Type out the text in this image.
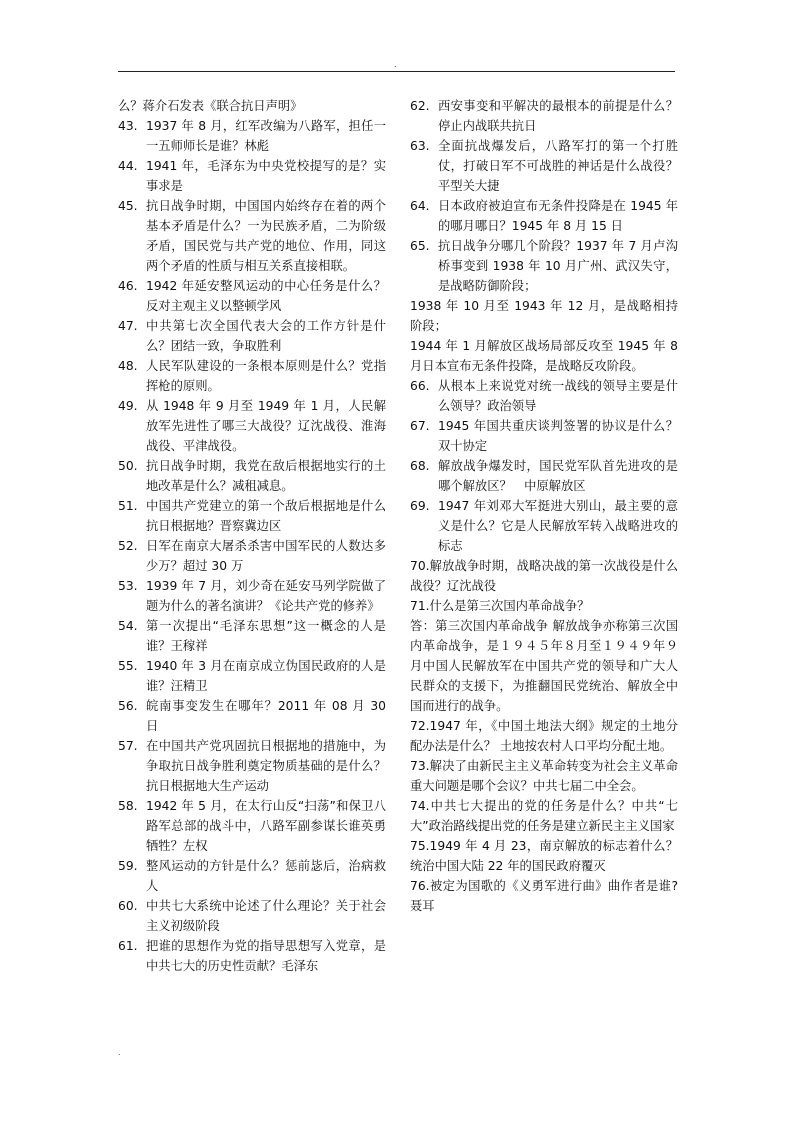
.
么？蒋介石发表《联合抗日声明》
43. 1937 年 8 月，红军改编为八路军，担任一一五师师长是谁？林彪
44. 1941 年，毛泽东为中央党校提写的是？实事求是
45. 抗日战争时期，中国国内始终存在着的两个基本矛盾是什么？一为民族矛盾，二为阶级矛盾，国民党与共产党的地位、作用，同这两个矛盾的性质与相互关系直接相联。
46. 1942 年延安整风运动的中心任务是什么？反对主观主义以整顿学风
47. 中共第七次全国代表大会的工作方针是什么？团结一致，争取胜利
48. 人民军队建设的一条根本原则是什么？党指挥枪的原则。
49. 从 1948 年 9 月至 1949 年 1 月，人民解放军先进性了哪三大战役？辽沈战役、淮海战役、平津战役。
50. 抗日战争时期，我党在敌后根据地实行的土地改革是什么？减租减息。
51. 中国共产党建立的第一个敌后根据地是什么抗日根据地？晋察冀边区
52. 日军在南京大屠杀杀害中国军民的人数达多少万？超过 30 万
53. 1939 年 7 月，刘少奇在延安马列学院做了题为什么的著名演讲？《论共产党的修养》
54. 第一次提出“毛泽东思想”这一概念的人是谁？王稼祥
55. 1940 年 3 月在南京成立伪国民政府的人是谁？汪精卫
56. 皖南事变发生在哪年？2011 年 08 月 30 日
57. 在中国共产党巩固抗日根据地的措施中，为争取抗日战争胜利奠定物质基础的是什么？抗日根据地大生产运动
58. 1942 年 5 月，在太行山反“扫荡”和保卫八路军总部的战斗中，八路军副参谋长谁英勇牺牲？左权
59. 整风运动的方针是什么？惩前毖后，治病救人
60. 中共七大系统中论述了什么理论？关于社会主义初级阶段
61. 把谁的思想作为党的指导思想写入党章，是中共七大的历史性贡献？毛泽东
62. 西安事变和平解决的最根本的前提是什么？停止内战联共抗日
63. 全面抗战爆发后，八路军打的第一个打胜仗，打破日军不可战胜的神话是什么战役？平型关大捷
64. 日本政府被迫宣布无条件投降是在 1945 年的哪月哪日？1945 年 8 月 15 日
65. 抗日战争分哪几个阶段？1937 年 7 月卢沟桥事变到 1938 年 10 月广州、武汉失守，是战略防御阶段；
1938 年 10 月至 1943 年 12 月，是战略相持阶段；
1944 年 1 月解放区战场局部反攻至 1945 年 8 月日本宣布无条件投降，是战略反攻阶段。
66. 从根本上来说党对统一战线的领导主要是什么领导？政治领导
67. 1945 年国共重庆谈判签署的协议是什么？　双十协定
68. 解放战争爆发时，国民党军队首先进攻的是哪个解放区？　中原解放区
69. 1947 年刘邓大军挺进大别山，最主要的意义是什么？它是人民解放军转入战略进攻的标志
70.解放战争时期，战略决战的第一次战役是什么战役？辽沈战役
71.什么是第三次国内革命战争？
答：第三次国内革命战争 解放战争亦称第三次国内革命战争，是１９４５年８月至１９４９年９月中国人民解放军在中国共产党的领导和广大人民群众的支援下，为推翻国民党统治、解放全中国而进行的战争。
72.1947 年，《中国土地法大纲》规定的土地分配办法是什么？ 土地按农村人口平均分配土地。
73.解决了由新民主主义革命转变为社会主义革命重大问题是哪个会议？中共七届二中全会。
74.中共七大提出的党的任务是什么？中共“七大”政治路线提出党的任务是建立新民主主义国家
75.1949 年 4 月 23，南京解放的标志着什么？统治中国大陆 22 年的国民政府覆灭
76.被定为国歌的《义勇军进行曲》曲作者是谁?聂耳
.
